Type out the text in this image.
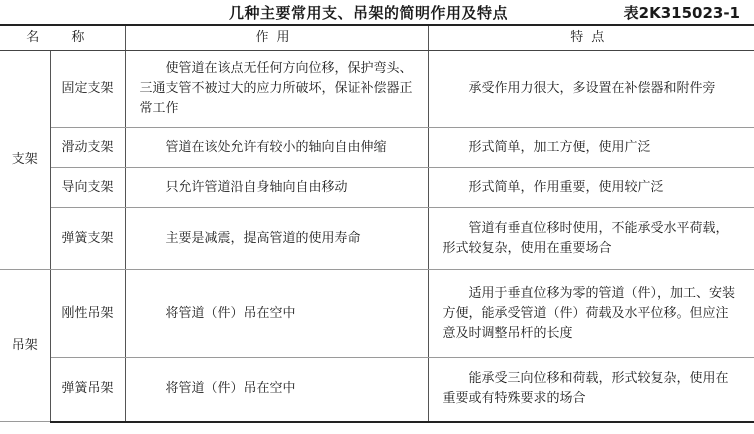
几种主要常用支、吊架的简明作用及特点	表2K315023-1
名 称		作用	特点
支架	固定支架	使管道在该点无任何方向位移，保护弯头、三通支管不被过大的应力所破坏，保证补偿器正常工作	承受作用力很大，多设置在补偿器和附件旁
	滑动支架	管道在该处允许有较小的轴向自由伸缩	形式简单，加工方便，使用广泛
	导向支架	只允许管道沿自身轴向自由移动	形式简单，作用重要，使用较广泛
	弹簧支架	主要是减震，提高管道的使用寿命	管道有垂直位移时使用，不能承受水平荷载，形式较复杂，使用在重要场合
吊架	刚性吊架	将管道（件）吊在空中	适用于垂直位移为零的管道（件），加工、安装方便，能承受管道（件）荷载及水平位移。但应注意及时调整吊杆的长度
	弹簧吊架	将管道（件）吊在空中	能承受三向位移和荷载，形式较复杂，使用在重要或有特殊要求的场合
